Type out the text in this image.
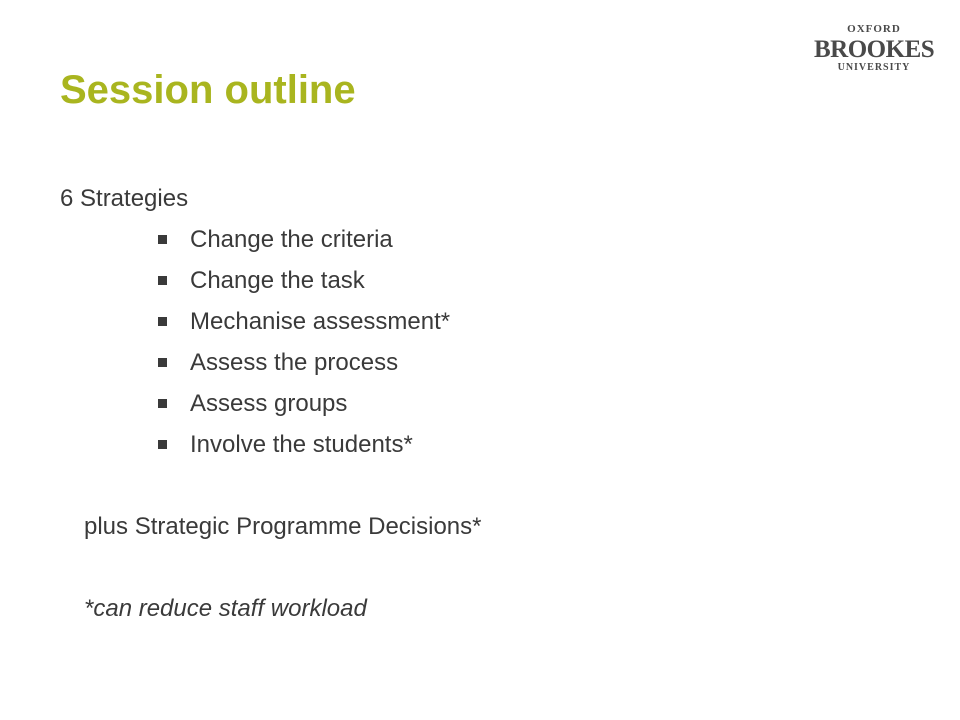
OXFORD
BROOKES
UNIVERSITY
Session outline

6 Strategies

Change the criteria
Change the task
Mechanise assessment*
Assess the process
Assess groups
Involve the students*

plus Strategic Programme Decisions*

*can reduce staff workload
